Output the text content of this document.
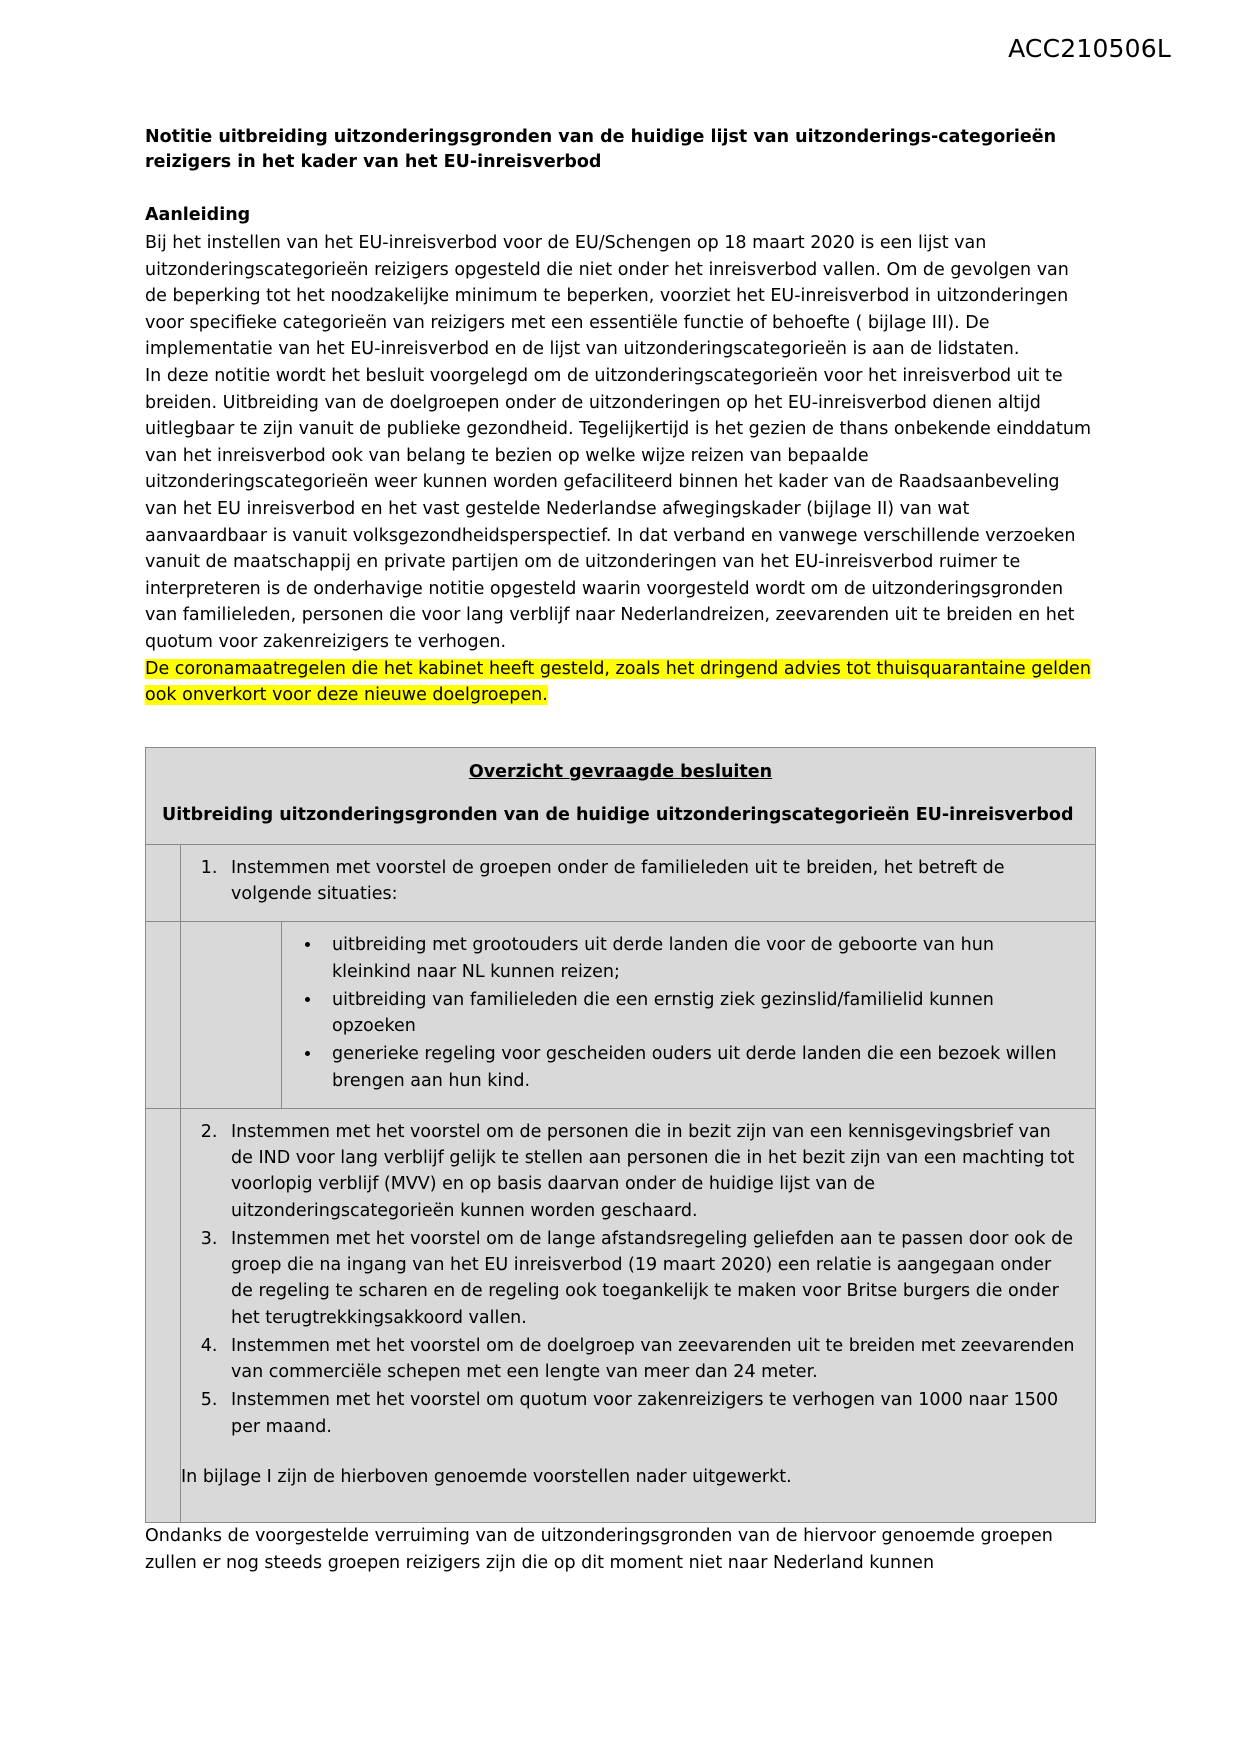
ACC210506L
Notitie uitbreiding uitzonderingsgronden van de huidige lijst van uitzonderings-categorieën reizigers in het kader van het EU-inreisverbod
Aanleiding

Bij het instellen van het EU-inreisverbod voor de EU/Schengen op 18 maart 2020 is een lijst van uitzonderingscategorieën reizigers opgesteld die niet onder het inreisverbod vallen. Om de gevolgen van de beperking tot het noodzakelijke minimum te beperken, voorziet het EU-inreisverbod in uitzonderingen voor specifieke categorieën van reizigers met een essentiële functie of behoefte ( bijlage III). De implementatie van het EU-inreisverbod en de lijst van uitzonderingscategorieën is aan de lidstaten.

In deze notitie wordt het besluit voorgelegd om de uitzonderingscategorieën voor het inreisverbod uit te breiden. Uitbreiding van de doelgroepen onder de uitzonderingen op het EU-inreisverbod dienen altijd uitlegbaar te zijn vanuit de publieke gezondheid. Tegelijkertijd is het gezien de thans onbekende einddatum van het inreisverbod ook van belang te bezien op welke wijze reizen van bepaalde uitzonderingscategorieën weer kunnen worden gefaciliteerd binnen het kader van de Raadsaanbeveling van het EU inreisverbod en het vast gestelde Nederlandse afwegingskader (bijlage II) van wat aanvaardbaar is vanuit volksgezondheidsperspectief. In dat verband en vanwege verschillende verzoeken vanuit de maatschappij en private partijen om de uitzonderingen van het EU-inreisverbod ruimer te interpreteren is de onderhavige notitie opgesteld waarin voorgesteld wordt om de uitzonderingsgronden van familieleden, personen die voor lang verblijf naar Nederlandreizen, zeevarenden uit te breiden en het quotum voor zakenreizigers te verhogen.

De coronamaatregelen die het kabinet heeft gesteld, zoals het dringend advies tot thuisquarantaine gelden ook onverkort voor deze nieuwe doelgroepen.

Overzicht gevraagde besluiten
Uitbreiding uitzonderingsgronden van de huidige uitzonderingscategorieën EU-inreisverbod
1. Instemmen met voorstel de groepen onder de familieleden uit te breiden, het betreft de volgende situaties:
• uitbreiding met grootouders uit derde landen die voor de geboorte van hun kleinkind naar NL kunnen reizen;
• uitbreiding van familieleden die een ernstig ziek gezinslid/familielid kunnen opzoeken
• generieke regeling voor gescheiden ouders uit derde landen die een bezoek willen brengen aan hun kind.
2. Instemmen met het voorstel om de personen die in bezit zijn van een kennisgevingsbrief van de IND voor lang verblijf gelijk te stellen aan personen die in het bezit zijn van een machting tot voorlopig verblijf (MVV) en op basis daarvan onder de huidige lijst van de uitzonderingscategorieën kunnen worden geschaard.
3. Instemmen met het voorstel om de lange afstandsregeling geliefden aan te passen door ook de groep die na ingang van het EU inreisverbod (19 maart 2020) een relatie is aangegaan onder de regeling te scharen en de regeling ook toegankelijk te maken voor Britse burgers die onder het terugtrekkingsakkoord vallen.
4. Instemmen met het voorstel om de doelgroep van zeevarenden uit te breiden met zeevarenden van commerciële schepen met een lengte van meer dan 24 meter.
5. Instemmen met het voorstel om quotum voor zakenreizigers te verhogen van 1000 naar 1500 per maand.
In bijlage I zijn de hierboven genoemde voorstellen nader uitgewerkt.

Ondanks de voorgestelde verruiming van de uitzonderingsgronden van de hiervoor genoemde groepen zullen er nog steeds groepen reizigers zijn die op dit moment niet naar Nederland kunnen
